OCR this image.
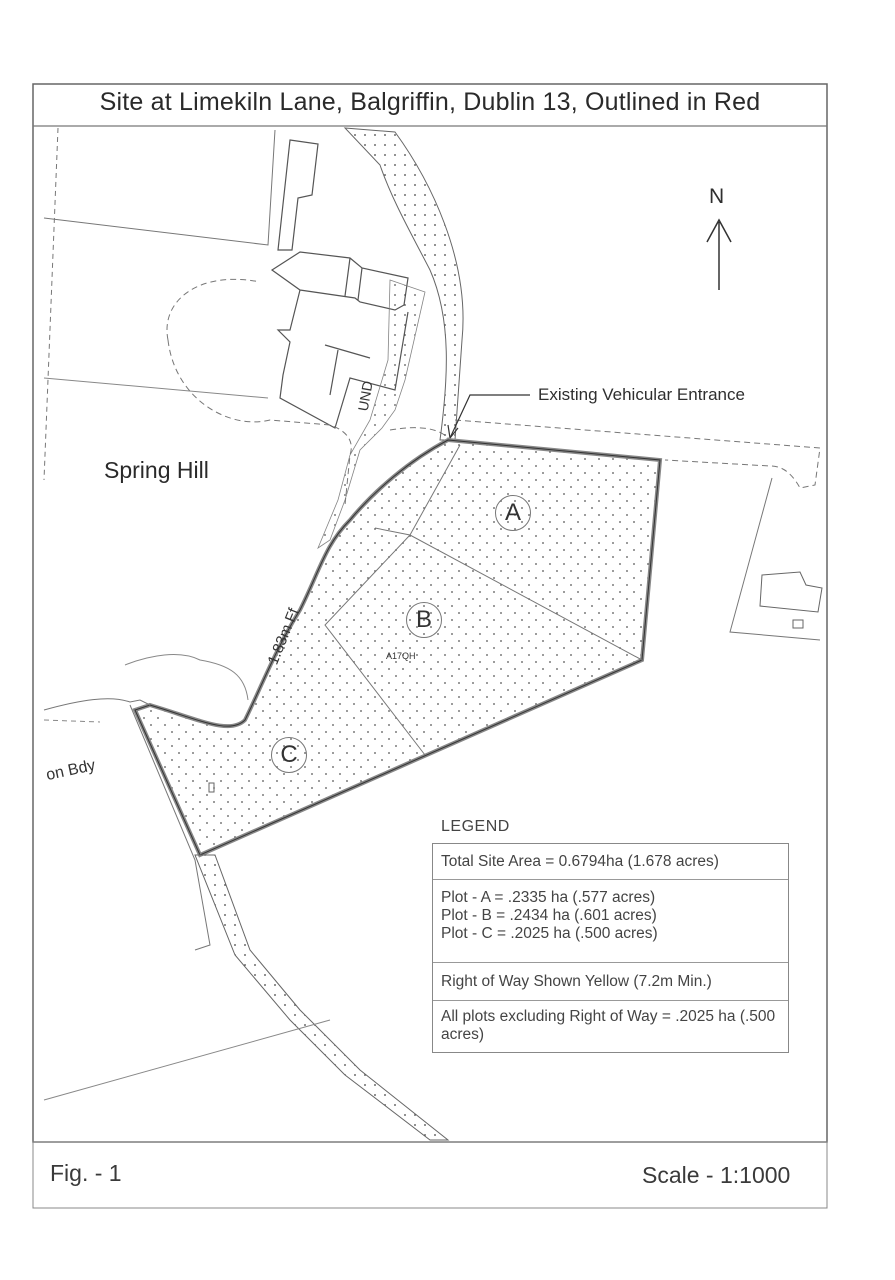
Site at Limekiln Lane, Balgriffin, Dublin 13, Outlined in Red
Spring Hill
Existing Vehicular Entrance
N
Fig. - 1	Scale - 1:1000
1.83m Ff
UND
on Bdy
A17QH
A
B
C
LEGEND
Total Site Area = 0.6794ha (1.678 acres)
Plot - A = .2335 ha (.577 acres)
Plot - B = .2434 ha (.601 acres)
Plot - C = .2025 ha (.500 acres)
Right of Way Shown Yellow (7.2m Min.)
All plots excluding Right of Way = .2025 ha (.500 acres)
